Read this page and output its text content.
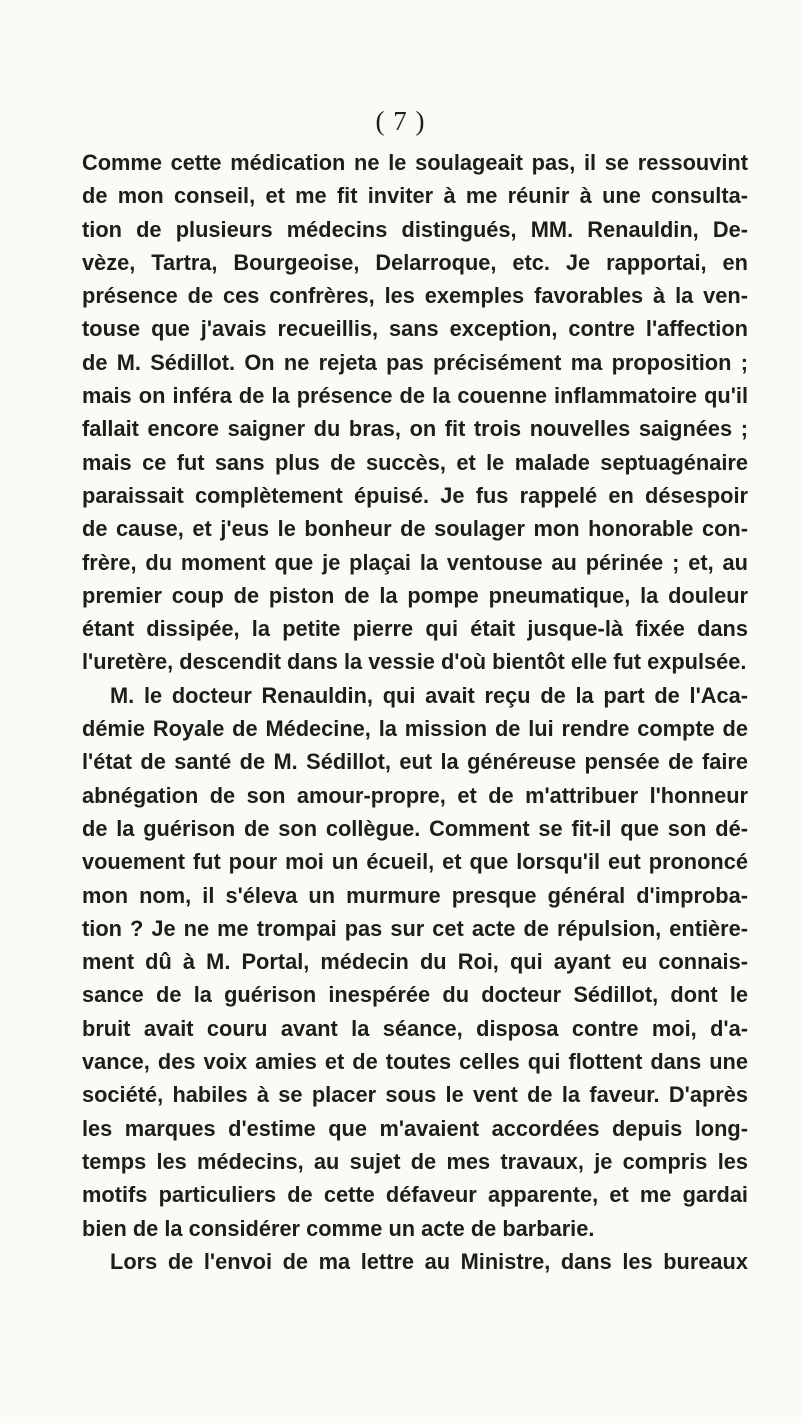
( 7 )
Comme cette médication ne le soulageait pas, il se ressouvint
de mon conseil, et me fit inviter à me réunir à une consulta-
tion de plusieurs médecins distingués, MM. Renauldin, De-
vèze, Tartra, Bourgeoise, Delarroque, etc. Je rapportai, en
présence de ces confrères, les exemples favorables à la ven-
touse que j'avais recueillis, sans exception, contre l'affection
de M. Sédillot. On ne rejeta pas précisément ma proposition ;
mais on inféra de la présence de la couenne inflammatoire qu'il
fallait encore saigner du bras, on fit trois nouvelles saignées ;
mais ce fut sans plus de succès, et le malade septuagénaire
paraissait complètement épuisé. Je fus rappelé en désespoir
de cause, et j'eus le bonheur de soulager mon honorable con-
frère, du moment que je plaçai la ventouse au périnée ; et, au
premier coup de piston de la pompe pneumatique, la douleur
étant dissipée, la petite pierre qui était jusque-là fixée dans
l'uretère, descendit dans la vessie d'où bientôt elle fut expulsée.
M. le docteur Renauldin, qui avait reçu de la part de l'Aca-
démie Royale de Médecine, la mission de lui rendre compte de
l'état de santé de M. Sédillot, eut la généreuse pensée de faire
abnégation de son amour-propre, et de m'attribuer l'honneur
de la guérison de son collègue. Comment se fit-il que son dé-
vouement fut pour moi un écueil, et que lorsqu'il eut prononcé
mon nom, il s'éleva un murmure presque général d'improba-
tion ? Je ne me trompai pas sur cet acte de répulsion, entière-
ment dû à M. Portal, médecin du Roi, qui ayant eu connais-
sance de la guérison inespérée du docteur Sédillot, dont le
bruit avait couru avant la séance, disposa contre moi, d'a-
vance, des voix amies et de toutes celles qui flottent dans une
société, habiles à se placer sous le vent de la faveur. D'après
les marques d'estime que m'avaient accordées depuis long-
temps les médecins, au sujet de mes travaux, je compris les
motifs particuliers de cette défaveur apparente, et me gardai
bien de la considérer comme un acte de barbarie.
Lors de l'envoi de ma lettre au Ministre, dans les bureaux
